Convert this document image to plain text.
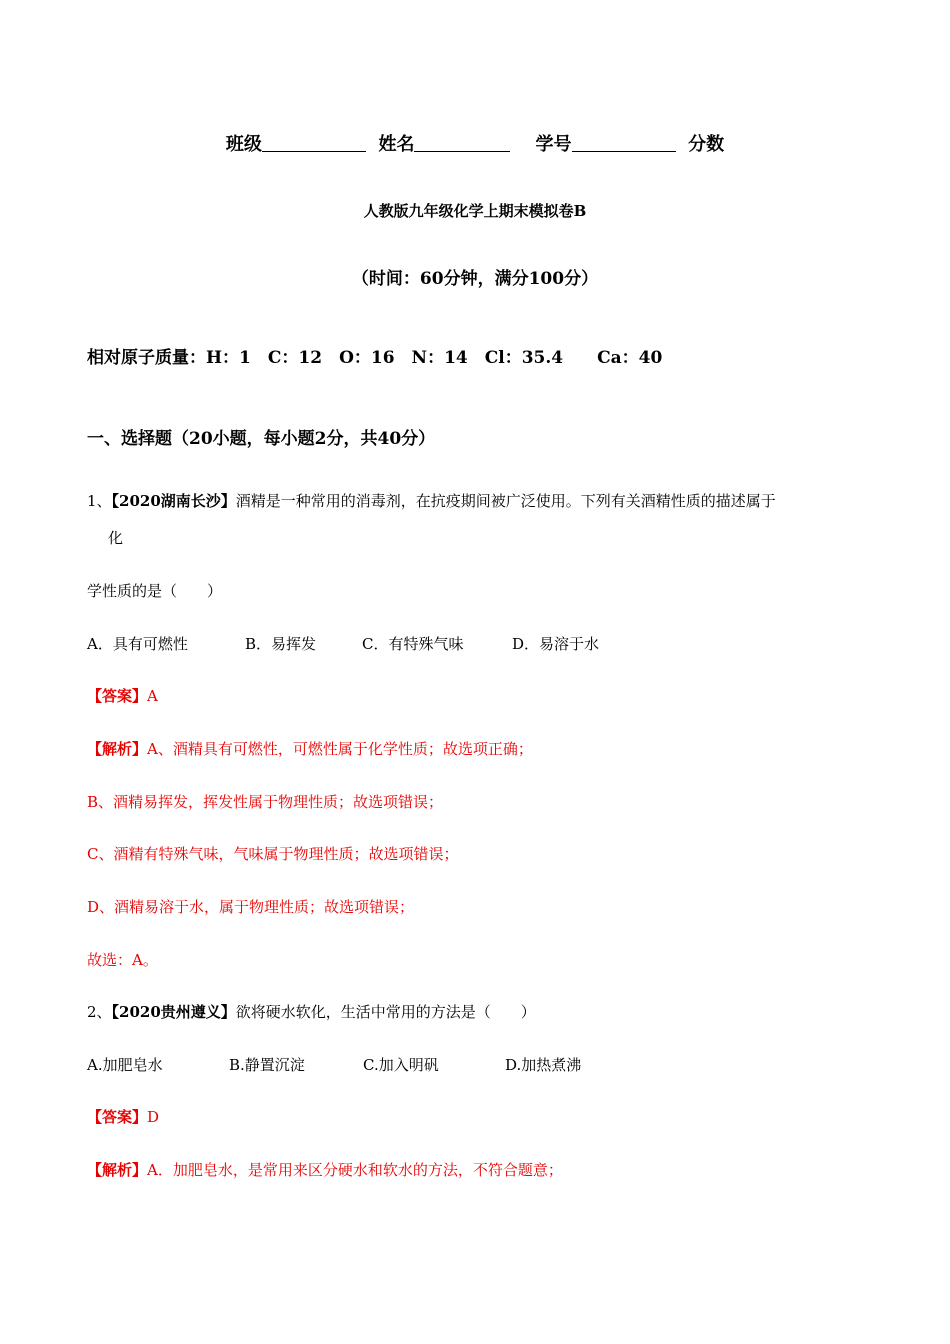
班级	姓名	学号	分数
人教版九年级化学上期末模拟卷B
（时间：60分钟，满分100分）
相对原子质量：H：1　C：12　O：16　N：14　Cl：35.4　　Ca：40
一、选择题（20小题，每小题2分，共40分）
1、【2020湖南长沙】酒精是一种常用的消毒剂，在抗疫期间被广泛使用。下列有关酒精性质的描述属于
化
学性质的是（　　）
A．具有可燃性	B．易挥发	C．有特殊气味	D．易溶于水
【答案】A
【解析】A、酒精具有可燃性，可燃性属于化学性质；故选项正确；
B、酒精易挥发，挥发性属于物理性质；故选项错误；
C、酒精有特殊气味，气味属于物理性质；故选项错误；
D、酒精易溶于水，属于物理性质；故选项错误；
故选：A。
2、【2020贵州遵义】欲将硬水软化，生活中常用的方法是（　　）
A.加肥皂水	B.静置沉淀	C.加入明矾	D.加热煮沸
【答案】D
【解析】A．加肥皂水，是常用来区分硬水和软水的方法，不符合题意；
